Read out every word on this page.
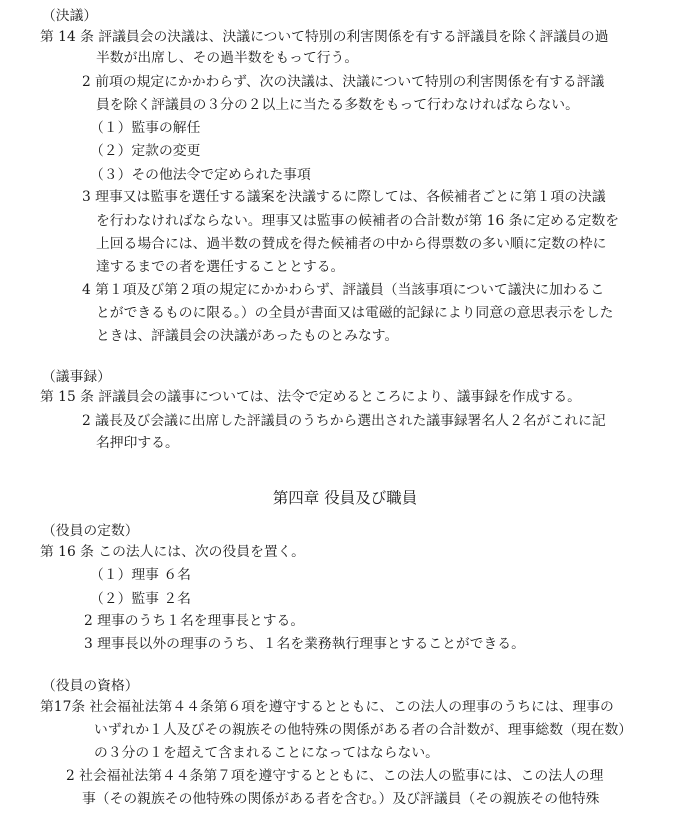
（決議）
第 14 条 評議員会の決議は、決議について特別の利害関係を有する評議員を除く評議員の過
半数が出席し、その過半数をもって行う。
2 前項の規定にかかわらず、次の決議は、決議について特別の利害関係を有する評議
員を除く評議員の３分の２以上に当たる多数をもって行わなければならない。
（１）監事の解任
（２）定款の変更
（３）その他法令で定められた事項
3 理事又は監事を選任する議案を決議するに際しては、各候補者ごとに第１項の決議
を行わなければならない。理事又は監事の候補者の合計数が第 16 条に定める定数を
上回る場合には、過半数の賛成を得た候補者の中から得票数の多い順に定数の枠に
達するまでの者を選任することとする。
4 第１項及び第２項の規定にかかわらず、評議員（当該事項について議決に加わるこ
とができるものに限る。）の全員が書面又は電磁的記録により同意の意思表示をした
ときは、評議員会の決議があったものとみなす。
（議事録）
第 15 条 評議員会の議事については、法令で定めるところにより、議事録を作成する。
2 議長及び会議に出席した評議員のうちから選出された議事録署名人２名がこれに記
名押印する。
第四章 役員及び職員
（役員の定数）
第 16 条 この法人には、次の役員を置く。
（１）理事 ６名
（２）監事 ２名
2 理事のうち１名を理事長とする。
3 理事長以外の理事のうち、１名を業務執行理事とすることができる。
（役員の資格）
第17条 社会福祉法第４４条第６項を遵守するとともに、この法人の理事のうちには、理事の
いずれか１人及びその親族その他特殊の関係がある者の合計数が、理事総数（現在数）
の３分の１を超えて含まれることになってはならない。
2 社会福祉法第４４条第７項を遵守するとともに、この法人の監事には、この法人の理
事（その親族その他特殊の関係がある者を含む。）及び評議員（その親族その他特殊
